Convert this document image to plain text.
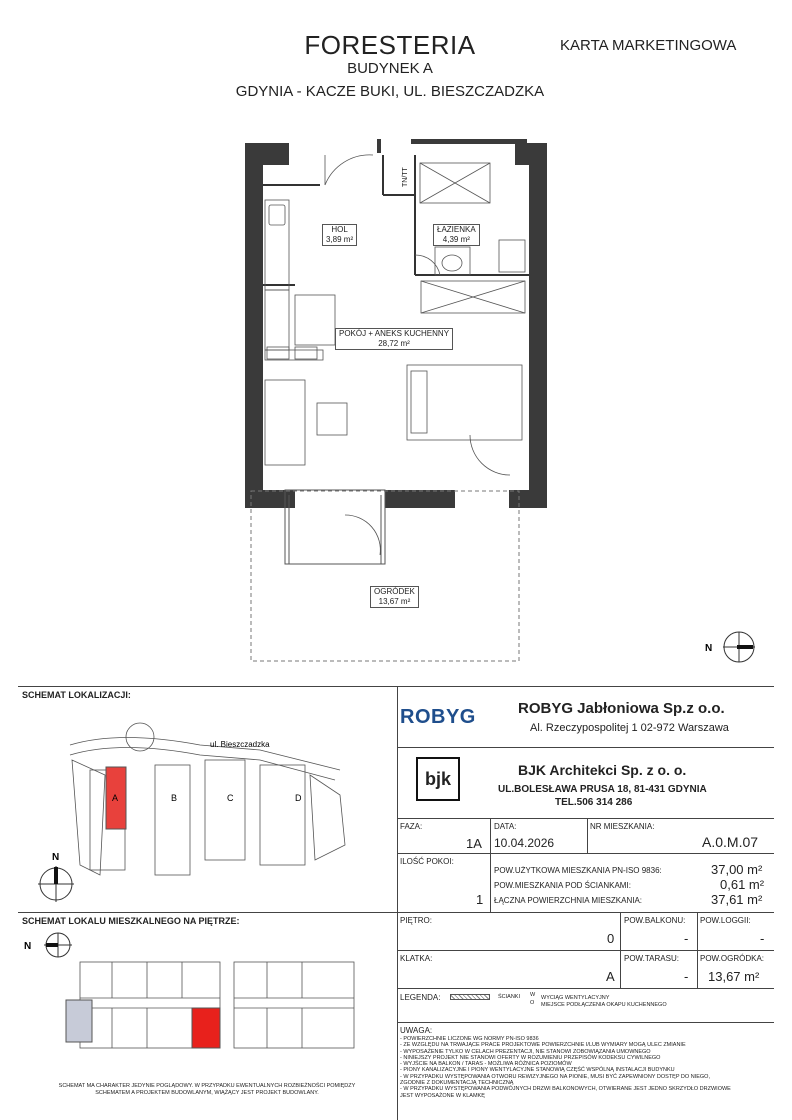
FORESTERIA
BUDYNEK A
GDYNIA - KACZE BUKI, UL. BIESZCZADZKA
KARTA MARKETINGOWA
TN/TT
HOL
3,89 m²
ŁAZIENKA
4,39 m²
POKÓJ + ANEKS KUCHENNY
28,72 m²
OGRÓDEK
13,67 m²
N
SCHEMAT LOKALIZACJI:
A	B	C	D
ul. Bieszczadzka
N
SCHEMAT LOKALU MIESZKALNEGO NA PIĘTRZE:
N
SCHEMAT MA CHARAKTER JEDYNIE POGLĄDOWY. W PRZYPADKU EWENTUALNYCH ROZBIEŻNOŚCI POMIĘDZY
SCHEMATEM A PROJEKTEM BUDOWLANYM, WIĄŻĄCY JEST PROJEKT BUDOWLANY.
ROBYG	ROBYG Jabłoniowa Sp.z o.o.
Al. Rzeczypospolitej 1 02-972 Warszawa
bjk	BJK Architekci Sp. z o. o.
UL.BOLESŁAWA PRUSA 18, 81-431 GDYNIA
TEL.506 314 286
FAZA:
1A
DATA:
10.04.2026
NR MIESZKANIA:
A.0.M.07
ILOŚĆ POKOI:
1
POW.UŻYTKOWA MIESZKANIA PN-ISO 9836:	37,00 m²
POW.MIESZKANIA POD ŚCIANKAMI:	0,61 m²
ŁĄCZNA POWIERZCHNIA MIESZKANIA:	37,61 m²
PIĘTRO:
0
POW.BALKONU:
-
POW.LOGGII:
-
KLATKA:
A
POW.TARASU:
-
POW.OGRÓDKA:
13,67 m²
LEGENDA:	ŚCIANKI W WYCIĄG WENTYLACYJNY
O MIEJSCE PODŁĄCZENIA OKAPU KUCHENNEGO
UWAGA:

- POWIERZCHNIE LICZONE WG NORMY PN-ISO 9836

- ZE WZGLĘDU NA TRWAJĄCE PRACE PROJEKTOWE POWIERZCHNIE I/LUB WYMIARY MOGĄ ULEC ZMIANIE

- WYPOSAŻENIE TYLKO W CELACH PREZENTACJI, NIE STANOWI ZOBOWIĄZANIA UMOWNEGO

- NINIEJSZY PROJEKT NIE STANOWI OFERTY W ROZUMIENIU PRZEPISÓW KODEKSU CYWILNEGO

- WYJŚCIE NA BALKON / TARAS - MOŻLIWA RÓŻNICA POZIOMÓW

- PIONY KANALIZACYJNE I PIONY WENTYLACYJNE STANOWIĄ CZĘŚĆ WSPÓLNĄ INSTALACJI BUDYNKU

- W PRZYPADKU WYSTĘPOWANIA OTWORU REWIZYJNEGO NA PIONIE, MUSI BYĆ ZAPEWNIONY DOSTĘP DO NIEGO,

ZGODNIE Z DOKUMENTACJĄ TECHNICZNĄ

- W PRZYPADKU WYSTĘPOWANIA PODWÓJNYCH DRZWI BALKONOWYCH, OTWIERANE JEST JEDNO SKRZYDŁO DRZWIOWE

JEST WYPOSAŻONE W KLAMKĘ
